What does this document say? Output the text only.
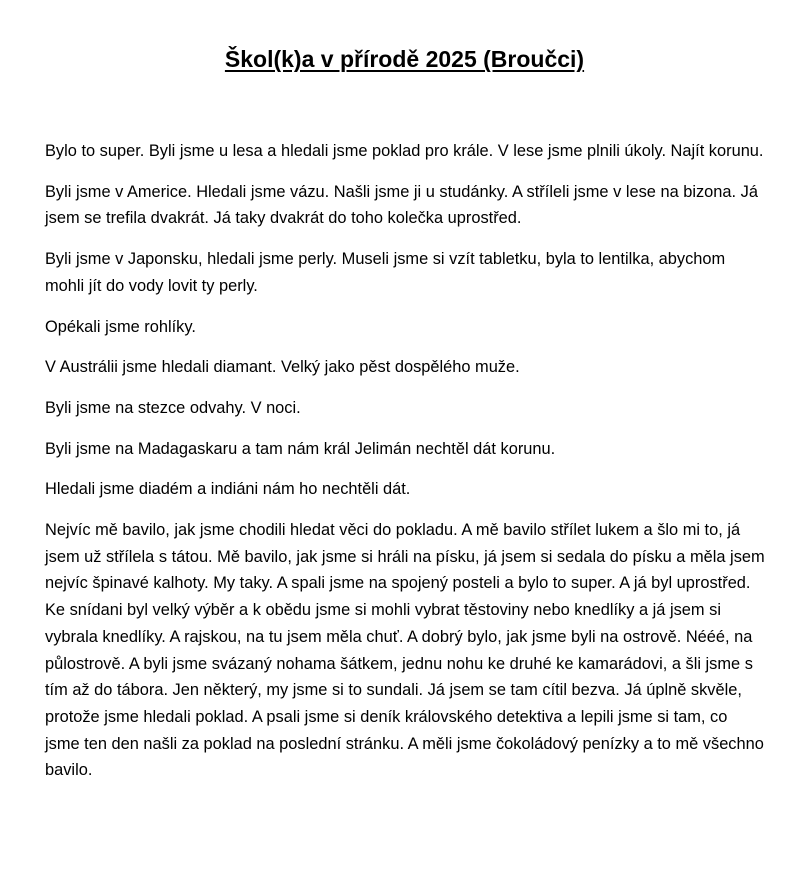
Škol(k)a v přírodě 2025 (Broučci)

Bylo to super. Byli jsme u lesa a hledali jsme poklad pro krále. V lese jsme plnili úkoly. Najít korunu.

Byli jsme v Americe. Hledali jsme vázu. Našli jsme ji u studánky. A stříleli jsme v lese na bizona. Já jsem se trefila dvakrát. Já taky dvakrát do toho kolečka uprostřed.

Byli jsme v Japonsku, hledali jsme perly. Museli jsme si vzít tabletku, byla to lentilka, abychom mohli jít do vody lovit ty perly.

Opékali jsme rohlíky.

V Austrálii jsme hledali diamant. Velký jako pěst dospělého muže.

Byli jsme na stezce odvahy. V noci.

Byli jsme na Madagaskaru a tam nám král Jelimán nechtěl dát korunu.

Hledali jsme diadém a indiáni nám ho nechtěli dát.

Nejvíc mě bavilo, jak jsme chodili hledat věci do pokladu. A mě bavilo střílet lukem a šlo mi to, já jsem už střílela s tátou. Mě bavilo, jak jsme si hráli na písku, já jsem si sedala do písku a měla jsem nejvíc špinavé kalhoty. My taky. A spali jsme na spojený posteli a bylo to super. A já byl uprostřed. Ke snídani byl velký výběr a k obědu jsme si mohli vybrat těstoviny nebo knedlíky a já jsem si vybrala knedlíky. A rajskou, na tu jsem měla chuť. A dobrý bylo, jak jsme byli na ostrově. Nééé, na půlostrově. A byli jsme svázaný nohama šátkem, jednu nohu ke druhé ke kamarádovi, a šli jsme s tím až do tábora. Jen některý, my jsme si to sundali. Já jsem se tam cítil bezva. Já úplně skvěle, protože jsme hledali poklad. A psali jsme si deník královského detektiva a lepili jsme si tam, co jsme ten den našli za poklad na poslední stránku. A měli jsme čokoládový penízky a to mě všechno bavilo.
